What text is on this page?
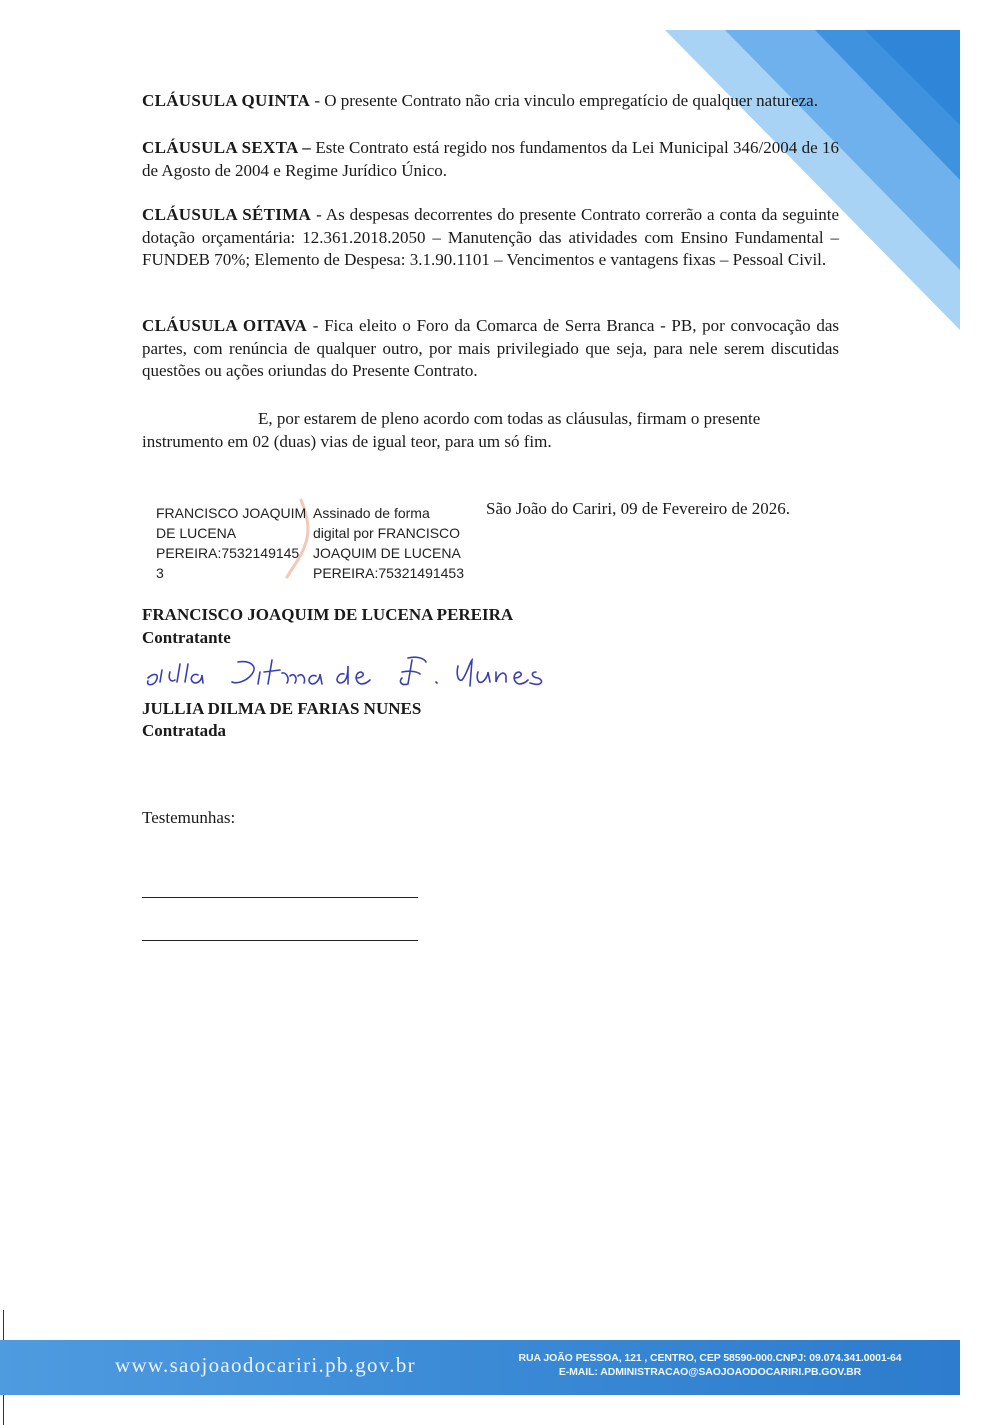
CLÁUSULA QUINTA - O presente Contrato não cria vinculo empregatício de qualquer natureza.

CLÁUSULA SEXTA – Este Contrato está regido nos fundamentos da Lei Municipal 346/2004 de 16 de Agosto de 2004 e Regime Jurídico Único.

CLÁUSULA SÉTIMA - As despesas decorrentes do presente Contrato correrão a conta da seguinte dotação orçamentária: 12.361.2018.2050 – Manutenção das atividades com Ensino Fundamental – FUNDEB 70%; Elemento de Despesa: 3.1.90.1101 – Vencimentos e vantagens fixas – Pessoal Civil.

CLÁUSULA OITAVA - Fica eleito o Foro da Comarca de Serra Branca - PB, por convocação das partes, com renúncia de qualquer outro, por mais privilegiado que seja, para nele serem discutidas questões ou ações oriundas do Presente Contrato.

E, por estarem de pleno acordo com todas as cláusulas, firmam o presente
instrumento em 02 (duas) vias de igual teor, para um só fim.
FRANCISCO JOAQUIM
DE LUCENA
PEREIRA:7532149145
3
Assinado de forma
digital por FRANCISCO
JOAQUIM DE LUCENA
PEREIRA:75321491453
São João do Cariri, 09 de Fevereiro de 2026.
FRANCISCO JOAQUIM DE LUCENA PEREIRA
Contratante
JULLIA DILMA DE FARIAS NUNES
Contratada
Testemunhas:
www.saojoaodocariri.pb.gov.br	RUA JOÃO PESSOA, 121 , CENTRO, CEP 58590-000.CNPJ: 09.074.341.0001-64
E-MAIL: ADMINISTRACAO@SAOJOAODOCARIRI.PB.GOV.BR
